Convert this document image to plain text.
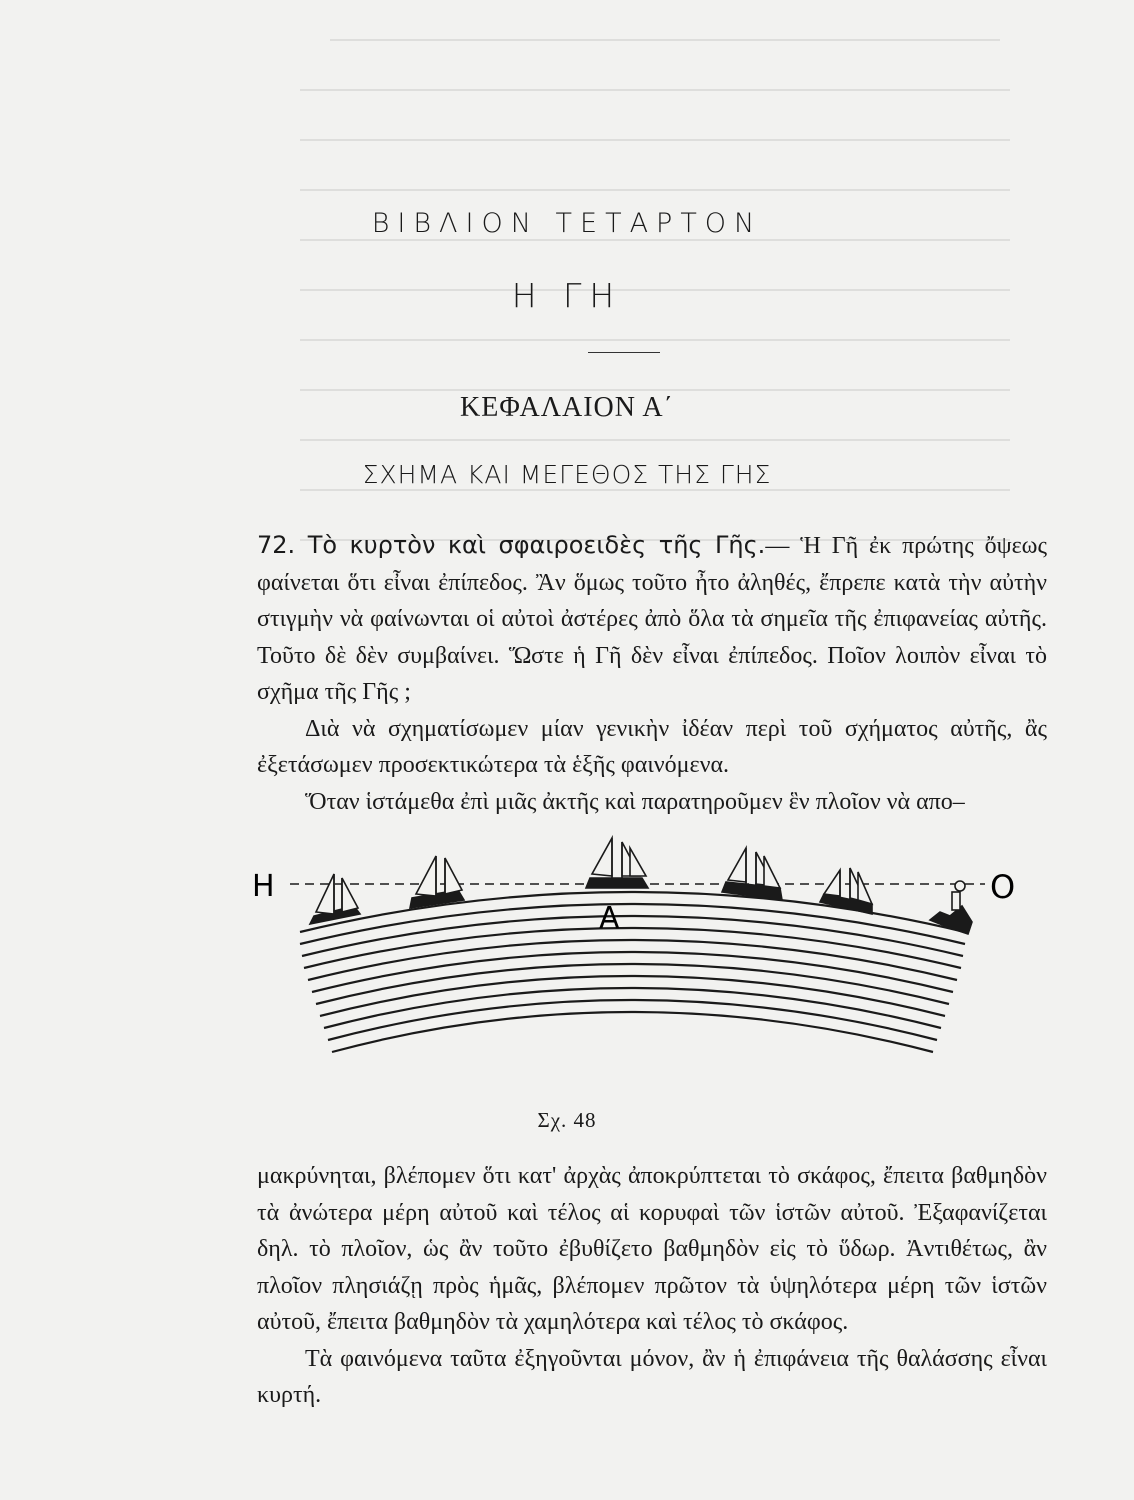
ΒΙΒΛΙΟΝ ΤΕΤΑΡΤΟΝ
Η ΓΗ
ΚΕΦΑΛΑΙΟΝ Α΄
ΣΧΗΜΑ ΚΑΙ ΜΕΓΕΘΟΣ ΤΗΣ ΓΗΣ

72. Τὸ κυρτὸν καὶ σφαιροειδὲς τῆς Γῆς.— Ἡ Γῆ ἐκ πρώτης ὄψεως φαίνεται ὅτι εἶναι ἐπίπεδος. Ἂν ὅμως τοῦτο ἦτο ἀληθές, ἔπρεπε κατὰ τὴν αὐτὴν στιγμὴν νὰ φαίνωνται οἱ αὐτοὶ ἀστέρες ἀπὸ ὅλα τὰ σημεῖα τῆς ἐπιφανείας αὐτῆς. Τοῦτο δὲ δὲν συμβαίνει. Ὥστε ἡ Γῆ δὲν εἶναι ἐπίπεδος. Ποῖον λοιπὸν εἶναι τὸ σχῆμα τῆς Γῆς ;

Διὰ νὰ σχηματίσωμεν μίαν γενικὴν ἰδέαν περὶ τοῦ σχήματος αὐτῆς, ἂς ἐξετάσωμεν προσεκτικώτερα τὰ ἑξῆς φαινόμενα.

Ὅταν ἱστάμεθα ἐπὶ μιᾶς ἀκτῆς καὶ παρατηροῦμεν ἓν πλοῖον νὰ απο–

Η
Α
Ο
Σχ. 48

μακρύνηται, βλέπομεν ὅτι κατ' ἀρχὰς ἀποκρύπτεται τὸ σκάφος, ἔπειτα βαθμηδὸν τὰ ἀνώτερα μέρη αὐτοῦ καὶ τέλος αἱ κορυφαὶ τῶν ἱστῶν αὐτοῦ. Ἐξαφανίζεται δηλ. τὸ πλοῖον, ὡς ἂν τοῦτο ἐβυθίζετο βαθμηδὸν εἰς τὸ ὕδωρ. Ἀντιθέτως, ἂν πλοῖον πλησιάζῃ πρὸς ἡμᾶς, βλέπομεν πρῶτον τὰ ὑψηλότερα μέρη τῶν ἱστῶν αὐτοῦ, ἔπειτα βαθμηδὸν τὰ χαμηλότερα καὶ τέλος τὸ σκάφος.

Τὰ φαινόμενα ταῦτα ἐξηγοῦνται μόνον, ἂν ἡ ἐπιφάνεια τῆς θαλάσσης εἶναι κυρτή.
